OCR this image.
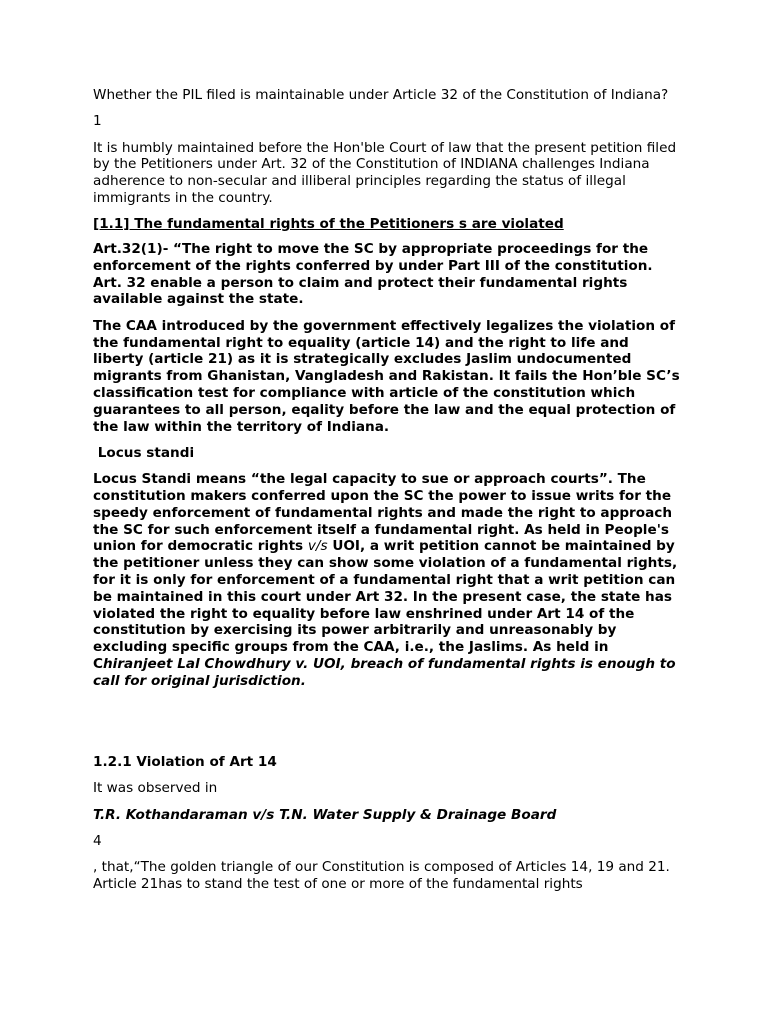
Whether the PIL filed is maintainable under Article 32 of the Constitution of Indiana?

1

It is humbly maintained before the Hon'ble Court of law that the present petition filed by the Petitioners under Art. 32 of the Constitution of INDIANA challenges Indiana adherence to non-secular and illiberal principles regarding the status of illegal immigrants in the country.

[1.1] The fundamental rights of the Petitioners s are violated

Art.32(1)- “The right to move the SC by appropriate proceedings for the enforcement of the rights conferred by under Part III of the constitution. Art. 32 enable a person to claim and protect their fundamental rights available against the state.

The CAA introduced by the government effectively legalizes the violation of the fundamental right to equality (article 14) and the right to life and liberty (article 21) as it is strategically excludes Jaslim undocumented migrants from Ghanistan, Vangladesh and Rakistan. It fails the Hon’ble SC’s classification test for compliance with article of the constitution which guarantees to all person, eqality before the law and the equal protection of the law within the territory of Indiana.

Locus standi

Locus Standi means “the legal capacity to sue or approach courts”. The constitution makers conferred upon the SC the power to issue writs for the speedy enforcement of fundamental rights and made the right to approach the SC for such enforcement itself a fundamental right. As held in People's union for democratic rights v/s UOI, a writ petition cannot be maintained by the petitioner unless they can show some violation of a fundamental rights, for it is only for enforcement of a fundamental right that a writ petition can be maintained in this court under Art 32. In the present case, the state has violated the right to equality before law enshrined under Art 14 of the constitution by exercising its power arbitrarily and unreasonably by excluding specific groups from the CAA, i.e., the Jaslims. As held in Chiranjeet Lal Chowdhury v. UOI, breach of fundamental rights is enough to call for original jurisdiction.

1.2.1 Violation of Art 14

It was observed in

T.R. Kothandaraman v/s T.N. Water Supply & Drainage Board

4

, that,“The golden triangle of our Constitution is composed of Articles 14, 19 and 21. Article 21has to stand the test of one or more of the fundamental rights
